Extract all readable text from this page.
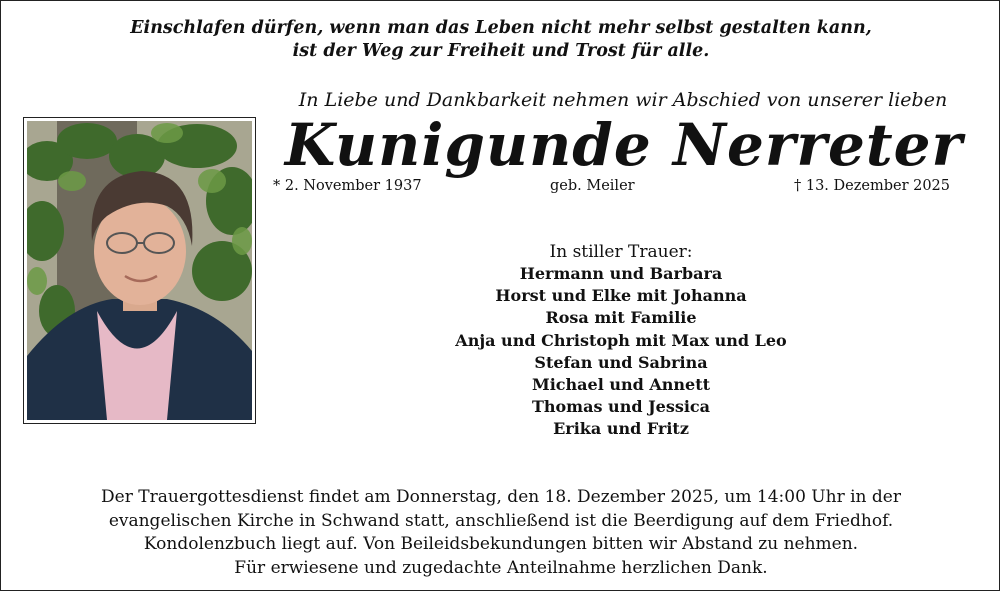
Einschlafen dürfen, wenn man das Leben nicht mehr selbst gestalten kann,
ist der Weg zur Freiheit und Trost für alle.
In Liebe und Dankbarkeit nehmen wir Abschied von unserer lieben
Kunigunde Nerreter
* 2. November 1937	geb. Meiler	† 13. Dezember 2025
In stiller Trauer:
Hermann und Barbara
Horst und Elke mit Johanna
Rosa mit Familie
Anja und Christoph mit Max und Leo
Stefan und Sabrina
Michael und Annett
Thomas und Jessica
Erika und Fritz
Der Trauergottesdienst findet am Donnerstag, den 18. Dezember 2025, um 14:00 Uhr in der
evangelischen Kirche in Schwand statt, anschließend ist die Beerdigung auf dem Friedhof.
Kondolenzbuch liegt auf. Von Beileidsbekundungen bitten wir Abstand zu nehmen.
Für erwiesene und zugedachte Anteilnahme herzlichen Dank.
